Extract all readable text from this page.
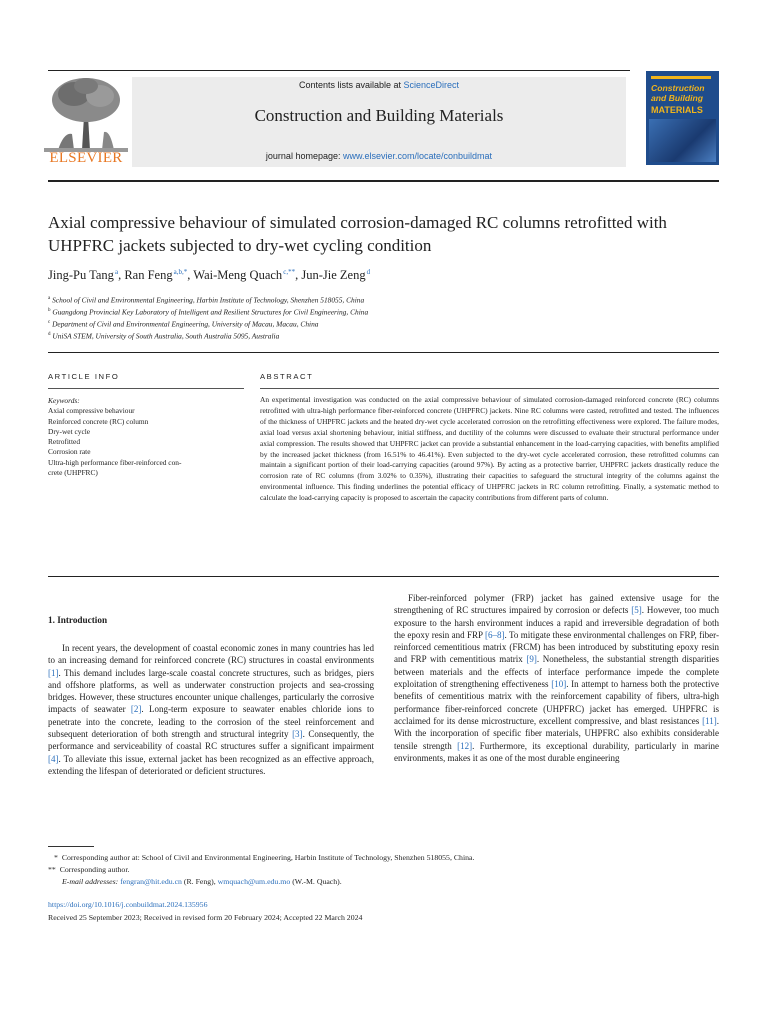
ELSEVIER
Contents lists available at ScienceDirect
Construction and Building Materials
journal homepage: www.elsevier.com/locate/conbuildmat
Construction
and Building
MATERIALS
Axial compressive behaviour of simulated corrosion-damaged RC columns retrofitted with UHPFRC jackets subjected to dry-wet cycling condition
Jing-Pu Tang $^a$, Ran Feng $^{a,b,*}$, Wai-Meng Quach $^{c,**}$, Jun-Jie Zeng $^d$
$^a$ School of Civil and Environmental Engineering, Harbin Institute of Technology, Shenzhen 518055, China
$^b$ Guangdong Provincial Key Laboratory of Intelligent and Resilient Structures for Civil Engineering, China
$^c$ Department of Civil and Environmental Engineering, University of Macau, Macau, China
$^d$ UniSA STEM, University of South Australia, South Australia 5095, Australia
ARTICLE INFO
Keywords:
Axial compressive behaviour
Reinforced concrete (RC) column
Dry-wet cycle
Retrofitted
Corrosion rate
Ultra-high performance fiber-reinforced con-
crete (UHPFRC)
ABSTRACT
An experimental investigation was conducted on the axial compressive behaviour of simulated corrosion-damaged reinforced concrete (RC) columns retrofitted with ultra-high performance fiber-reinforced concrete (UHPFRC) jackets. Nine RC columns were casted, retrofitted and tested. The influences of the thickness of UHPFRC jackets and the heated dry-wet cycle accelerated corrosion on the retrofitting effectiveness were explored. The failure modes, axial load versus axial shortening behaviour, initial stiffness, and ductility of the columns were discussed to evaluate their structural performance under axial compression. The results showed that UHPFRC jacket can provide a substantial enhancement in the load-carrying capacities, with benefits amplified by the increased jacket thickness (from 16.51% to 46.41%). Even subjected to the dry-wet cycle accelerated corrosion, these retrofitted columns can maintain a significant portion of their load-carrying capacities (around 97%). By acting as a protective barrier, UHPFRC jackets drastically reduce the corrosion rate of RC columns (from 3.02% to 0.35%), illustrating their capacities to safeguard the structural integrity of the columns against the environmental influence. This finding underlines the potential efficacy of UHPFRC jackets in RC column retrofitting. Finally, a systematic method to calculate the load-carrying capacity is proposed to ascertain the capacity contributions from different parts of column.
1. Introduction
In recent years, the development of coastal economic zones in many countries has led to an increasing demand for reinforced concrete (RC) structures in coastal environments [1]. This demand includes large-scale coastal concrete structures, such as bridges, piers and offshore platforms, as well as underwater construction projects and sea-crossing bridges. However, these structures encounter unique challenges, particularly the corrosive impacts of seawater [2]. Long-term exposure to seawater enables chloride ions to penetrate into the concrete, leading to the corrosion of the steel reinforcement and subsequent deterioration of both strength and structural integrity [3]. Consequently, the performance and serviceability of coastal RC structures suffer a significant impairment [4]. To alleviate this issue, external jacket has been recognized as an effective approach, extending the lifespan of deteriorated or deficient structures.
Fiber-reinforced polymer (FRP) jacket has gained extensive usage for the strengthening of RC structures impaired by corrosion or defects [5]. However, too much exposure to the harsh environment induces a rapid and irreversible degradation of both the epoxy resin and FRP [6–8]. To mitigate these environmental challenges on FRP, fiber-reinforced cementitious matrix (FRCM) has been introduced by substituting epoxy resin and FRP with cementitious matrix [9]. Nonetheless, the substantial strength disparities between materials and the effects of interface performance impede the complete exploitation of strengthening effectiveness [10]. In attempt to harness both the protective benefits of cementitious matrix with the reinforcement capability of fibers, ultra-high performance fiber-reinforced concrete (UHPFRC) jacket has emerged. UHPFRC is acclaimed for its dense microstructure, excellent compressive, and blast resistances [11]. With the incorporation of specific fiber materials, UHPFRC also exhibits considerable tensile strength [12]. Furthermore, its exceptional durability, particularly in marine environments, makes it as one of the most durable engineering
* Corresponding author at: School of Civil and Environmental Engineering, Harbin Institute of Technology, Shenzhen 518055, China.
** Corresponding author.
E-mail addresses: fengran@hit.edu.cn (R. Feng), wmquach@um.edu.mo (W.-M. Quach).
https://doi.org/10.1016/j.conbuildmat.2024.135956
Received 25 September 2023; Received in revised form 20 February 2024; Accepted 22 March 2024
